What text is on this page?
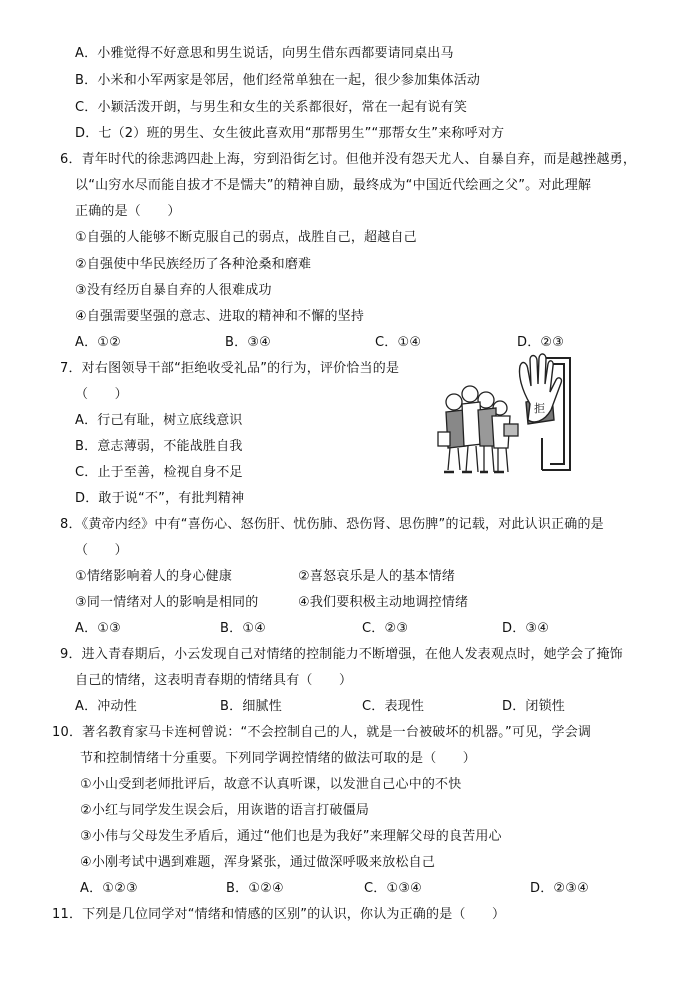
A．小雅觉得不好意思和男生说话，向男生借东西都要请同桌出马
B．小米和小军两家是邻居，他们经常单独在一起，很少参加集体活动
C．小颖活泼开朗，与男生和女生的关系都很好，常在一起有说有笑
D．七（2）班的男生、女生彼此喜欢用“那帮男生”“那帮女生”来称呼对方
6．青年时代的徐悲鸿四赴上海，穷到沿街乞讨。但他并没有怨天尤人、自暴自弃，而是越挫越勇，
以“山穷水尽而能自拔才不是懦夫”的精神自励，最终成为“中国近代绘画之父”。对此理解
正确的是（　　）
①自强的人能够不断克服自己的弱点，战胜自己，超越自己
②自强使中华民族经历了各种沧桑和磨难
③没有经历自暴自弃的人很难成功
④自强需要坚强的意志、进取的精神和不懈的坚持
A．①②	B．③④	C．①④	D．②③
7．对右图领导干部“拒绝收受礼品”的行为，评价恰当的是
（　　）
A．行己有耻，树立底线意识
B．意志薄弱，不能战胜自我
C．止于至善，检视自身不足
D．敢于说“不”，有批判精神
拒
8．《黄帝内经》中有“喜伤心、怒伤肝、忧伤肺、恐伤肾、思伤脾”的记载，对此认识正确的是
（　　）
①情绪影响着人的身心健康	②喜怒哀乐是人的基本情绪
③同一情绪对人的影响是相同的	④我们要积极主动地调控情绪
A．①③	B．①④	C．②③	D．③④
9．进入青春期后，小云发现自己对情绪的控制能力不断增强，在他人发表观点时，她学会了掩饰
自己的情绪，这表明青春期的情绪具有（　　）
A．冲动性	B．细腻性	C．表现性	D．闭锁性
10．著名教育家马卡连柯曾说：“不会控制自己的人，就是一台被破坏的机器。”可见，学会调
节和控制情绪十分重要。下列同学调控情绪的做法可取的是（　　）
①小山受到老师批评后，故意不认真听课，以发泄自己心中的不快
②小红与同学发生误会后，用诙谐的语言打破僵局
③小伟与父母发生矛盾后，通过“他们也是为我好”来理解父母的良苦用心
④小刚考试中遇到难题，浑身紧张，通过做深呼吸来放松自己
A．①②③	B．①②④	C．①③④	D．②③④
11．下列是几位同学对“情绪和情感的区别”的认识，你认为正确的是（　　）
